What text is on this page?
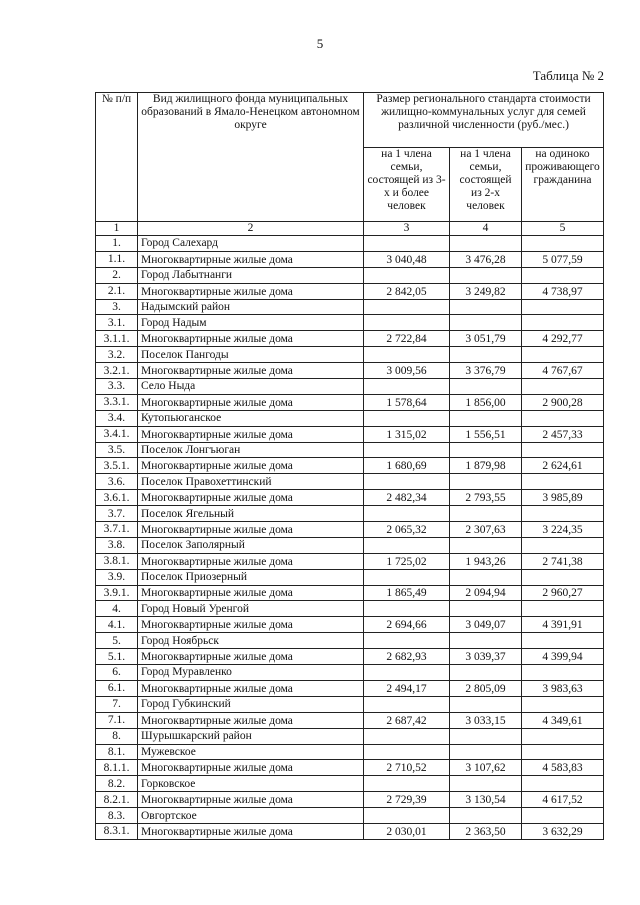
5
Таблица № 2
№ п/п	Вид жилищного фонда муниципальных образований в Ямало-Ненецком автономном округе	Размер регионального стандарта стоимости жилищно-коммунальных услуг для семей различной численности (руб./мес.)		
		на 1 члена семьи, состоящей из 3-х и более человек	на 1 члена семьи, состоящей из 2-х человек	на одиноко проживающего гражданина
1	2	3	4	5
1.	Город Салехард			
1.1.	Многоквартирные жилые дома	3 040,48	3 476,28	5 077,59
2.	Город Лабытнанги			
2.1.	Многоквартирные жилые дома	2 842,05	3 249,82	4 738,97
3.	Надымский район			
3.1.	Город Надым			
3.1.1.	Многоквартирные жилые дома	2 722,84	3 051,79	4 292,77
3.2.	Поселок Пангоды			
3.2.1.	Многоквартирные жилые дома	3 009,56	3 376,79	4 767,67
3.3.	Село Ныда			
3.3.1.	Многоквартирные жилые дома	1 578,64	1 856,00	2 900,28
3.4.	Кутопьюганское			
3.4.1.	Многоквартирные жилые дома	1 315,02	1 556,51	2 457,33
3.5.	Поселок Лонгъюган			
3.5.1.	Многоквартирные жилые дома	1 680,69	1 879,98	2 624,61
3.6.	Поселок Правохеттинский			
3.6.1.	Многоквартирные жилые дома	2 482,34	2 793,55	3 985,89
3.7.	Поселок Ягельный			
3.7.1.	Многоквартирные жилые дома	2 065,32	2 307,63	3 224,35
3.8.	Поселок Заполярный			
3.8.1.	Многоквартирные жилые дома	1 725,02	1 943,26	2 741,38
3.9.	Поселок Приозерный			
3.9.1.	Многоквартирные жилые дома	1 865,49	2 094,94	2 960,27
4.	Город Новый Уренгой			
4.1.	Многоквартирные жилые дома	2 694,66	3 049,07	4 391,91
5.	Город Ноябрьск			
5.1.	Многоквартирные жилые дома	2 682,93	3 039,37	4 399,94
6.	Город Муравленко			
6.1.	Многоквартирные жилые дома	2 494,17	2 805,09	3 983,63
7.	Город Губкинский			
7.1.	Многоквартирные жилые дома	2 687,42	3 033,15	4 349,61
8.	Шурышкарский район			
8.1.	Мужевское			
8.1.1.	Многоквартирные жилые дома	2 710,52	3 107,62	4 583,83
8.2.	Горковское			
8.2.1.	Многоквартирные жилые дома	2 729,39	3 130,54	4 617,52
8.3.	Овгортское			
8.3.1.	Многоквартирные жилые дома	2 030,01	2 363,50	3 632,29
